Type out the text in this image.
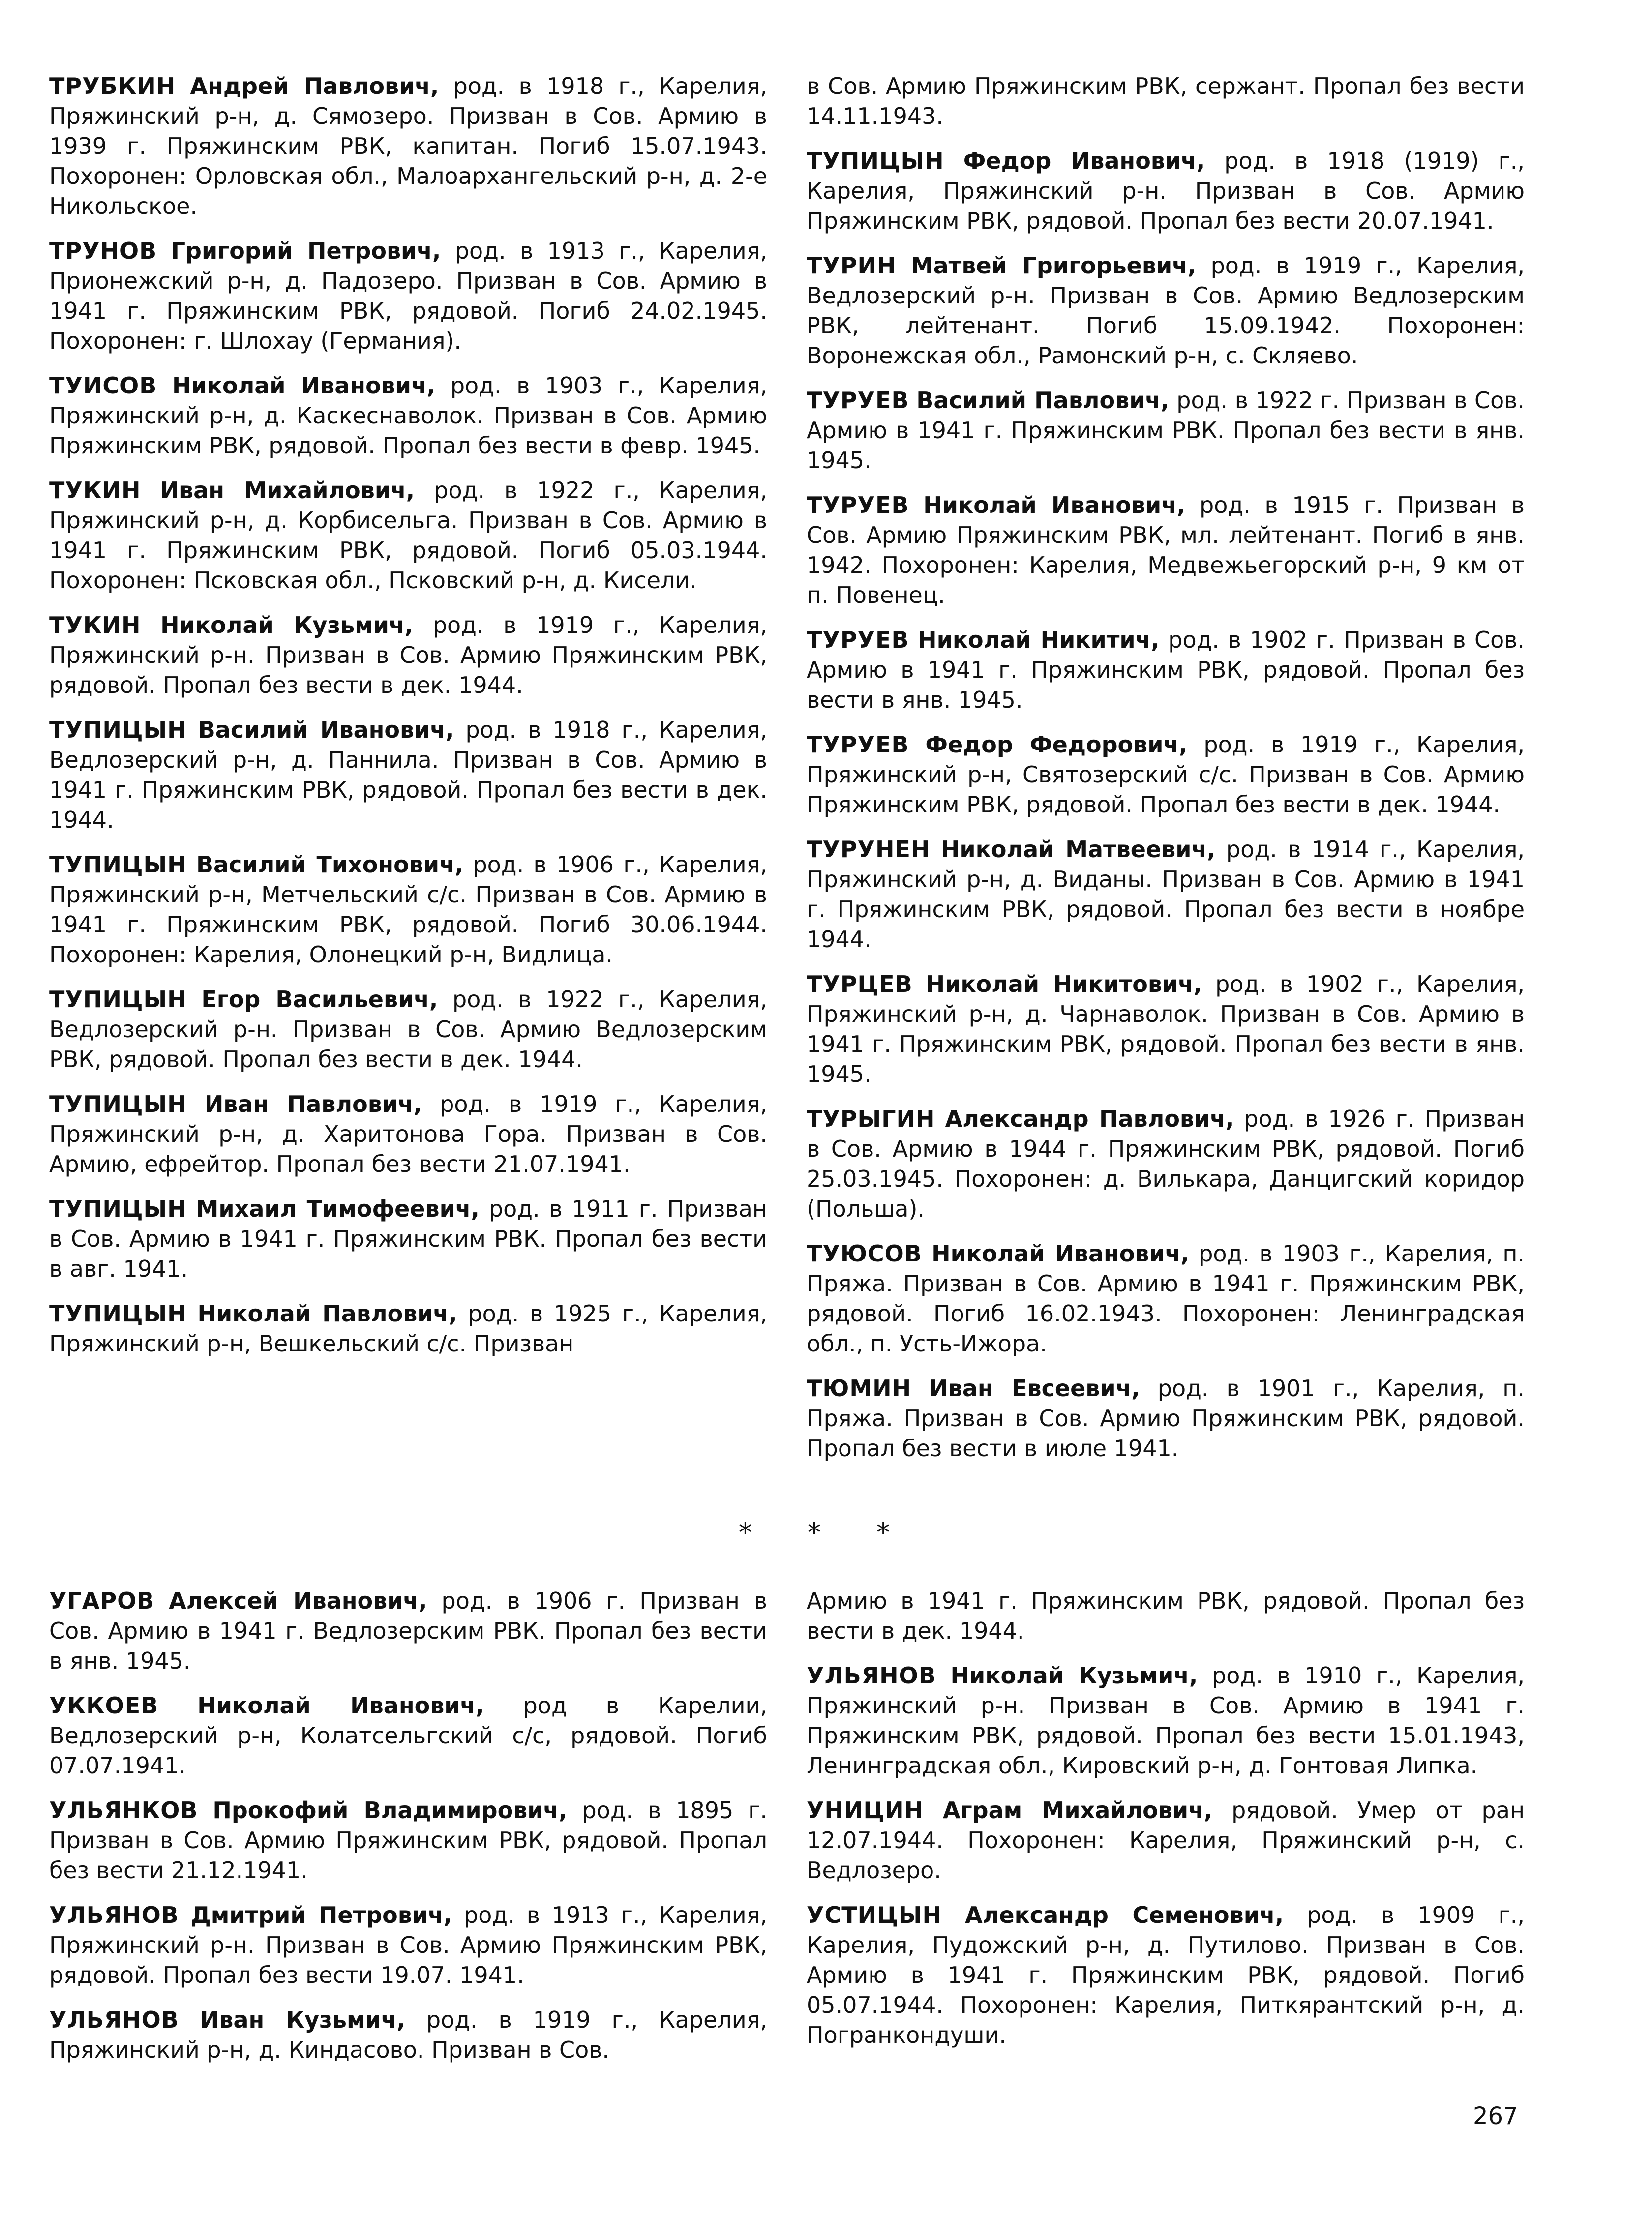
ТРУБКИН Андрей Павлович, род. в 1918 г., Карелия, Пряжинский р-н, д. Сямозеро. Призван в Сов. Армию в 1939 г. Пряжинским РВК, капитан. Погиб 15.07.1943. Похоронен: Орловская обл., Малоархангельский р-н, д. 2-е Никольское.

ТРУНОВ Григорий Петрович, род. в 1913 г., Карелия, Прионежский р-н, д. Падозеро. Призван в Сов. Армию в 1941 г. Пряжинским РВК, рядовой. Погиб 24.02.1945. Похоронен: г. Шлохау (Германия).

ТУИСОВ Николай Иванович, род. в 1903 г., Карелия, Пряжинский р-н, д. Каскеснаволок. Призван в Сов. Армию Пряжинским РВК, рядовой. Пропал без вести в февр. 1945.

ТУКИН Иван Михайлович, род. в 1922 г., Карелия, Пряжинский р-н, д. Корбисельга. Призван в Сов. Армию в 1941 г. Пряжинским РВК, рядовой. Погиб 05.03.1944. Похоронен: Псковская обл., Псковский р-н, д. Кисели.

ТУКИН Николай Кузьмич, род. в 1919 г., Карелия, Пряжинский р-н. Призван в Сов. Армию Пряжинским РВК, рядовой. Пропал без вести в дек. 1944.

ТУПИЦЫН Василий Иванович, род. в 1918 г., Карелия, Ведлозерский р-н, д. Паннила. Призван в Сов. Армию в 1941 г. Пряжинским РВК, рядовой. Пропал без вести в дек. 1944.

ТУПИЦЫН Василий Тихонович, род. в 1906 г., Карелия, Пряжинский р-н, Метчельский с/с. Призван в Сов. Армию в 1941 г. Пряжинским РВК, рядовой. Погиб 30.06.1944. Похоронен: Карелия, Олонецкий р-н, Видлица.

ТУПИЦЫН Егор Васильевич, род. в 1922 г., Карелия, Ведлозерский р-н. Призван в Сов. Армию Ведлозерским РВК, рядовой. Пропал без вести в дек. 1944.

ТУПИЦЫН Иван Павлович, род. в 1919 г., Карелия, Пряжинский р-н, д. Харитонова Гора. Призван в Сов. Армию, ефрейтор. Пропал без вести 21.07.1941.

ТУПИЦЫН Михаил Тимофеевич, род. в 1911 г. Призван в Сов. Армию в 1941 г. Пряжинским РВК. Пропал без вести в авг. 1941.

ТУПИЦЫН Николай Павлович, род. в 1925 г., Карелия, Пряжинский р-н, Вешкельский с/с. Призван

в Сов. Армию Пряжинским РВК, сержант. Пропал без вести 14.11.1943.

ТУПИЦЫН Федор Иванович, род. в 1918 (1919) г., Карелия, Пряжинский р-н. Призван в Сов. Армию Пряжинским РВК, рядовой. Пропал без вести 20.07.1941.

ТУРИН Матвей Григорьевич, род. в 1919 г., Карелия, Ведлозерский р-н. Призван в Сов. Армию Ведлозерским РВК, лейтенант. Погиб 15.09.1942. Похоронен: Воронежская обл., Рамонский р-н, с. Скляево.

ТУРУЕВ Василий Павлович, род. в 1922 г. Призван в Сов. Армию в 1941 г. Пряжинским РВК. Пропал без вести в янв. 1945.

ТУРУЕВ Николай Иванович, род. в 1915 г. Призван в Сов. Армию Пряжинским РВК, мл. лейтенант. Погиб в янв. 1942. Похоронен: Карелия, Медвежьегорский р-н, 9 км от п. Повенец.

ТУРУЕВ Николай Никитич, род. в 1902 г. Призван в Сов. Армию в 1941 г. Пряжинским РВК, рядовой. Пропал без вести в янв. 1945.

ТУРУЕВ Федор Федорович, род. в 1919 г., Карелия, Пряжинский р-н, Святозерский с/с. Призван в Сов. Армию Пряжинским РВК, рядовой. Пропал без вести в дек. 1944.

ТУРУНЕН Николай Матвеевич, род. в 1914 г., Карелия, Пряжинский р-н, д. Виданы. Призван в Сов. Армию в 1941 г. Пряжинским РВК, рядовой. Пропал без вести в ноябре 1944.

ТУРЦЕВ Николай Никитович, род. в 1902 г., Карелия, Пряжинский р-н, д. Чарнаволок. Призван в Сов. Армию в 1941 г. Пряжинским РВК, рядовой. Пропал без вести в янв. 1945.

ТУРЫГИН Александр Павлович, род. в 1926 г. Призван в Сов. Армию в 1944 г. Пряжинским РВК, рядовой. Погиб 25.03.1945. Похоронен: д. Вилькара, Данцигский коридор (Польша).

ТУЮСОВ Николай Иванович, род. в 1903 г., Карелия, п. Пряжа. Призван в Сов. Армию в 1941 г. Пряжинским РВК, рядовой. Погиб 16.02.1943. Похоронен: Ленинградская обл., п. Усть-Ижора.

ТЮМИН Иван Евсеевич, род. в 1901 г., Карелия, п. Пряжа. Призван в Сов. Армию Пряжинским РВК, рядовой. Пропал без вести в июле 1941.

* * *

УГАРОВ Алексей Иванович, род. в 1906 г. Призван в Сов. Армию в 1941 г. Ведлозерским РВК. Пропал без вести в янв. 1945.

УККОЕВ Николай Иванович, род в Карелии, Ведлозерский р-н, Колатсельгский с/с, рядовой. Погиб 07.07.1941.

УЛЬЯНКОВ Прокофий Владимирович, род. в 1895 г. Призван в Сов. Армию Пряжинским РВК, рядовой. Пропал без вести 21.12.1941.

УЛЬЯНОВ Дмитрий Петрович, род. в 1913 г., Карелия, Пряжинский р-н. Призван в Сов. Армию Пряжинским РВК, рядовой. Пропал без вести 19.07. 1941.

УЛЬЯНОВ Иван Кузьмич, род. в 1919 г., Карелия, Пряжинский р-н, д. Киндасово. Призван в Сов.

Армию в 1941 г. Пряжинским РВК, рядовой. Пропал без вести в дек. 1944.

УЛЬЯНОВ Николай Кузьмич, род. в 1910 г., Карелия, Пряжинский р-н. Призван в Сов. Армию в 1941 г. Пряжинским РВК, рядовой. Пропал без вести 15.01.1943, Ленинградская обл., Кировский р-н, д. Гонтовая Липка.

УНИЦИН Аграм Михайлович, рядовой. Умер от ран 12.07.1944. Похоронен: Карелия, Пряжинский р-н, с. Ведлозеро.

УСТИЦЫН Александр Семенович, род. в 1909 г., Карелия, Пудожский р-н, д. Путилово. Призван в Сов. Армию в 1941 г. Пряжинским РВК, рядовой. Погиб 05.07.1944. Похоронен: Карелия, Питкярантский р-н, д. Погранкондуши.

267
